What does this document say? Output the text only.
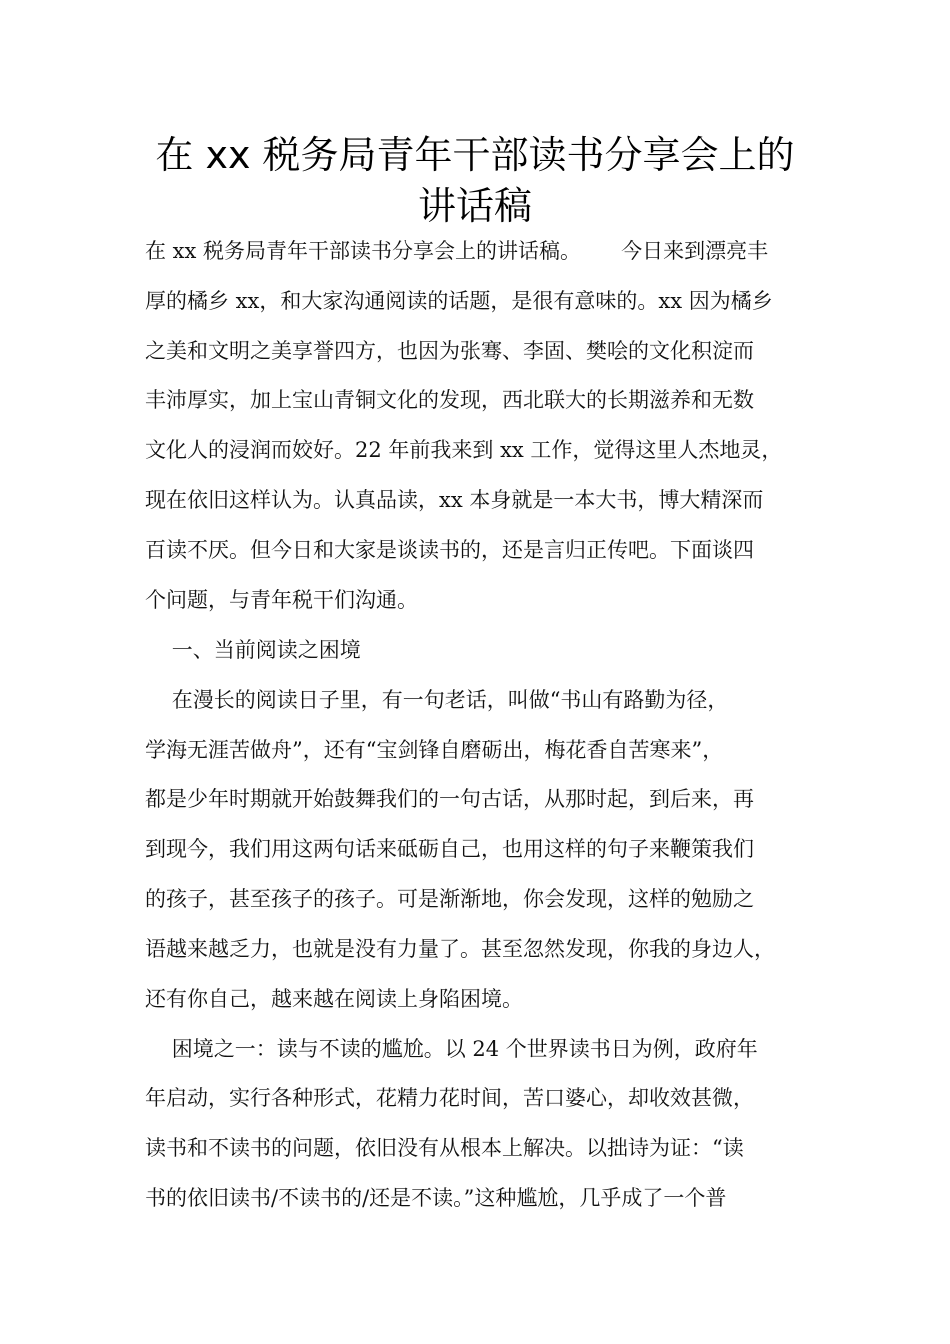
在 xx 税务局青年干部读书分享会上的
讲话稿
在 xx 税务局青年干部读书分享会上的讲话稿。      今日来到漂亮丰
厚的橘乡 xx，和大家沟通阅读的话题，是很有意味的。xx 因为橘乡
之美和文明之美享誉四方，也因为张骞、李固、樊哙的文化积淀而
丰沛厚实，加上宝山青铜文化的发现，西北联大的长期滋养和无数
文化人的浸润而姣好。22 年前我来到 xx 工作，觉得这里人杰地灵，
现在依旧这样认为。认真品读，xx 本身就是一本大书，博大精深而
百读不厌。但今日和大家是谈读书的，还是言归正传吧。下面谈四
个问题，与青年税干们沟通。
一、当前阅读之困境
在漫长的阅读日子里，有一句老话，叫做“书山有路勤为径，
学海无涯苦做舟”，还有“宝剑锋自磨砺出，梅花香自苦寒来”，
都是少年时期就开始鼓舞我们的一句古话，从那时起，到后来，再
到现今，我们用这两句话来砥砺自己，也用这样的句子来鞭策我们
的孩子，甚至孩子的孩子。可是渐渐地，你会发现，这样的勉励之
语越来越乏力，也就是没有力量了。甚至忽然发现，你我的身边人，
还有你自己，越来越在阅读上身陷困境。
困境之一：读与不读的尴尬。以 24 个世界读书日为例，政府年
年启动，实行各种形式，花精力花时间，苦口婆心，却收效甚微，
读书和不读书的问题，依旧没有从根本上解决。以拙诗为证：“读
书的依旧读书/不读书的/还是不读。”这种尴尬，几乎成了一个普
